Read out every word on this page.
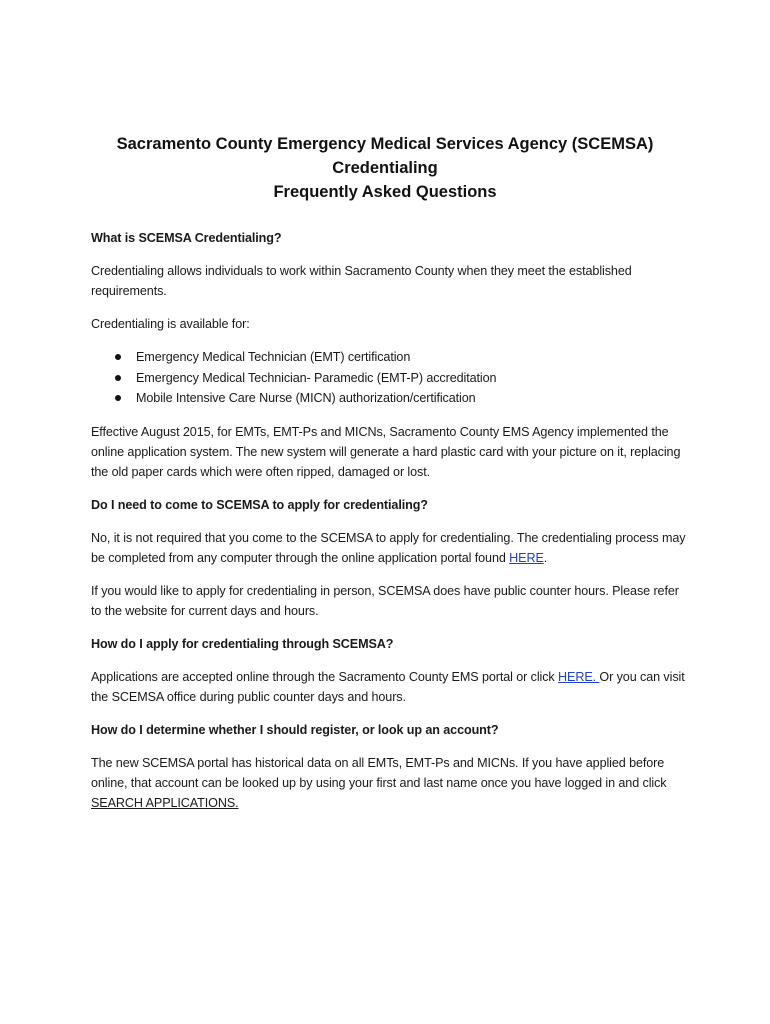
Sacramento County Emergency Medical Services Agency (SCEMSA) Credentialing
Frequently Asked Questions
What is SCEMSA Credentialing?
Credentialing allows individuals to work within Sacramento County when they meet the established requirements.
Credentialing is available for:
Emergency Medical Technician (EMT) certification
Emergency Medical Technician- Paramedic (EMT-P) accreditation
Mobile Intensive Care Nurse (MICN) authorization/certification
Effective August 2015, for EMTs, EMT-Ps and MICNs, Sacramento County EMS Agency implemented the online application system. The new system will generate a hard plastic card with your picture on it, replacing the old paper cards which were often ripped, damaged or lost.
Do I need to come to SCEMSA to apply for credentialing?
No, it is not required that you come to the SCEMSA to apply for credentialing. The credentialing process may be completed from any computer through the online application portal found HERE.
If you would like to apply for credentialing in person, SCEMSA does have public counter hours. Please refer to the website for current days and hours.
How do I apply for credentialing through SCEMSA?
Applications are accepted online through the Sacramento County EMS portal or click HERE. Or you can visit the SCEMSA office during public counter days and hours.
How do I determine whether I should register, or look up an account?
The new SCEMSA portal has historical data on all EMTs, EMT-Ps and MICNs. If you have applied before online, that account can be looked up by using your first and last name once you have logged in and click SEARCH APPLICATIONS.
